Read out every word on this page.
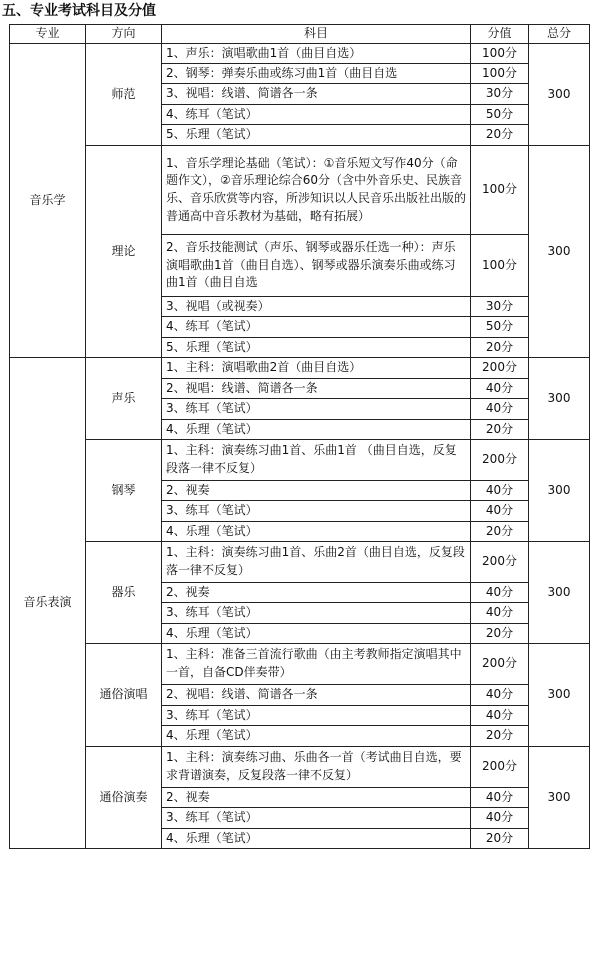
五、专业考试科目及分值
专业	方向	科目	分值	总分
音乐学	师范	1、声乐：演唱歌曲1首（曲目自选）	100分	300
		2、钢琴：弹奏乐曲或练习曲1首（曲目自选	100分	
		3、视唱：线谱、简谱各一条	30分	
		4、练耳（笔试）	50分	
		5、乐理（笔试）	20分	
	理论	1、音乐学理论基础（笔试）：①音乐短文写作40分（命题作文），②音乐理论综合60分（含中外音乐史、民族音乐、音乐欣赏等内容，所涉知识以人民音乐出版社出版的普通高中音乐教材为基础，略有拓展）	100分	300
		2、音乐技能测试（声乐、钢琴或器乐任选一种）：声乐演唱歌曲1首（曲目自选）、钢琴或器乐演奏乐曲或练习曲1首（曲目自选	100分	
		3、视唱（或视奏）	30分	
		4、练耳（笔试）	50分	
		5、乐理（笔试）	20分	
音乐表演	声乐	1、主科：演唱歌曲2首（曲目自选）	200分	300
		2、视唱：线谱、简谱各一条	40分	
		3、练耳（笔试）	40分	
		4、乐理（笔试）	20分	
	钢琴	1、主科：演奏练习曲1首、乐曲1首 （曲目自选，反复段落一律不反复）	200分	300
		2、视奏	40分	
		3、练耳（笔试）	40分	
		4、乐理（笔试）	20分	
	器乐	1、主科：演奏练习曲1首、乐曲2首（曲目自选，反复段落一律不反复）	200分	300
		2、视奏	40分	
		3、练耳（笔试）	40分	
		4、乐理（笔试）	20分	
	通俗演唱	1、主科：准备三首流行歌曲（由主考教师指定演唱其中一首，自备CD伴奏带）	200分	300
		2、视唱：线谱、简谱各一条	40分	
		3、练耳（笔试）	40分	
		4、乐理（笔试）	20分	
	通俗演奏	1、主科：演奏练习曲、乐曲各一首（考试曲目自选，要求背谱演奏，反复段落一律不反复）	200分	300
		2、视奏	40分	
		3、练耳（笔试）	40分	
		4、乐理（笔试）	20分	
